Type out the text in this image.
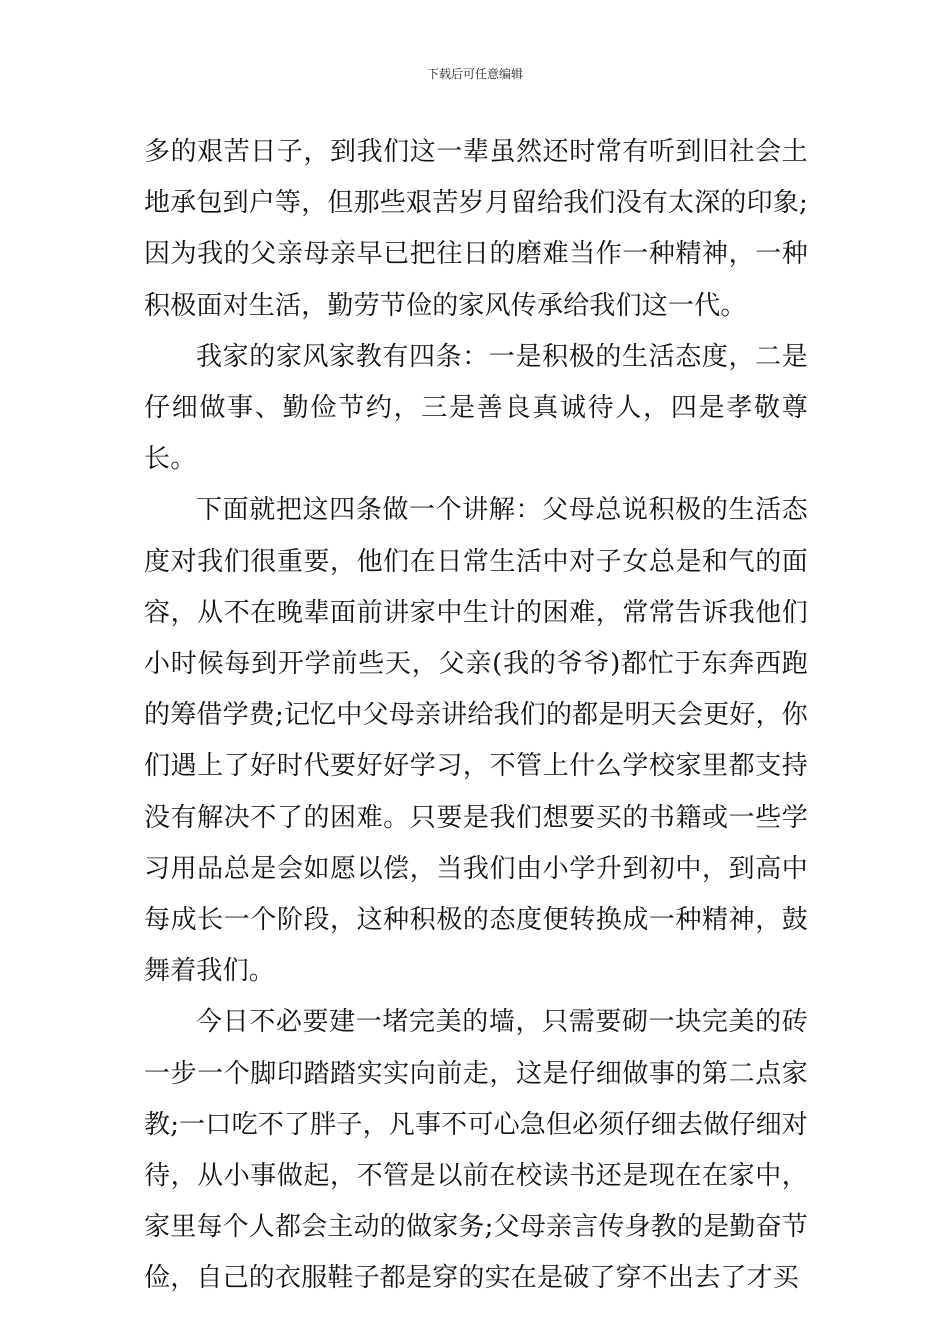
下载后可任意编辑

多的艰苦日子，到我们这一辈虽然还时常有听到旧社会土地承包到户等，但那些艰苦岁月留给我们没有太深的印象;因为我的父亲母亲早已把往日的磨难当作一种精神，一种积极面对生活，勤劳节俭的家风传承给我们这一代。

我家的家风家教有四条：一是积极的生活态度，二是仔细做事、勤俭节约，三是善良真诚待人，四是孝敬尊长。

下面就把这四条做一个讲解：父母总说积极的生活态度对我们很重要，他们在日常生活中对子女总是和气的面容，从不在晚辈面前讲家中生计的困难，常常告诉我他们小时候每到开学前些天，父亲(我的爷爷)都忙于东奔西跑的筹借学费;记忆中父母亲讲给我们的都是明天会更好，你们遇上了好时代要好好学习，不管上什么学校家里都支持没有解决不了的困难。只要是我们想要买的书籍或一些学习用品总是会如愿以偿，当我们由小学升到初中，到高中每成长一个阶段，这种积极的态度便转换成一种精神，鼓舞着我们。

今日不必要建一堵完美的墙，只需要砌一块完美的砖一步一个脚印踏踏实实向前走，这是仔细做事的第二点家教;一口吃不了胖子，凡事不可心急但必须仔细去做仔细对待，从小事做起，不管是以前在校读书还是现在在家中，家里每个人都会主动的做家务;父母亲言传身教的是勤奋节俭，自己的衣服鞋子都是穿的实在是破了穿不出去了才买
